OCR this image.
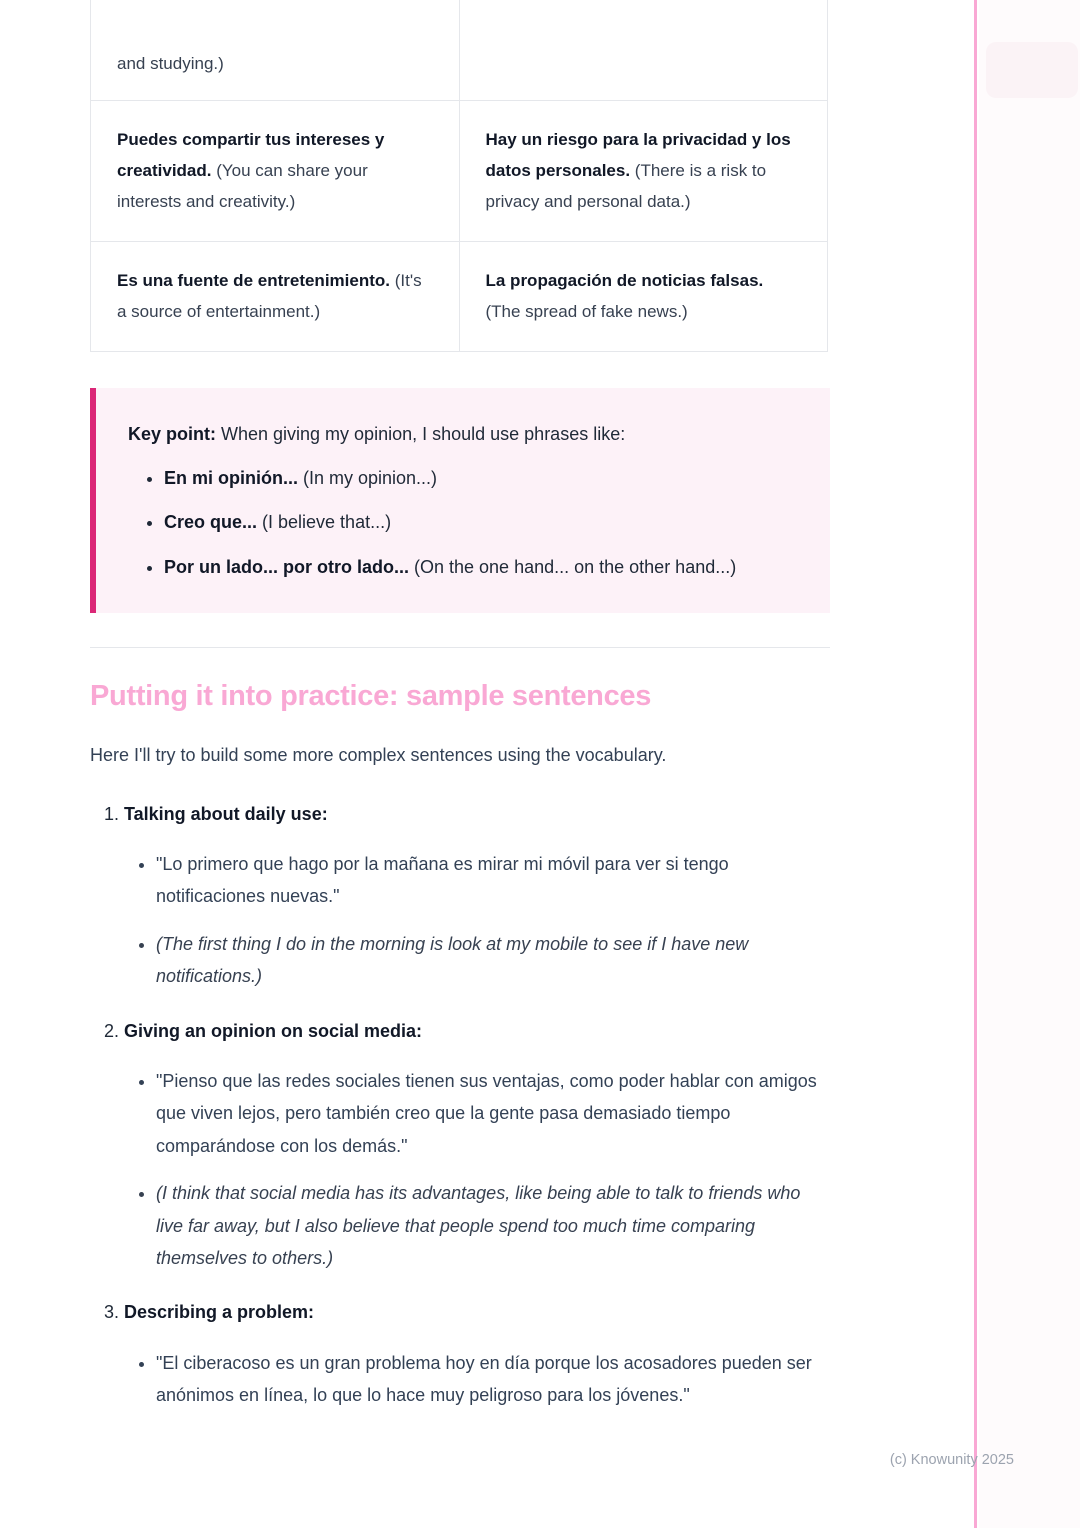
and studying.)	
Puedes compartir tus intereses y creatividad. (You can share your interests and creativity.)	Hay un riesgo para la privacidad y los datos personales. (There is a risk to privacy and personal data.)
Es una fuente de entretenimiento. (It's a source of entertainment.)	La propagación de noticias falsas. (The spread of fake news.)

Key point: When giving my opinion, I should use phrases like:

• En mi opinión... (In my opinion...)
• Creo que... (I believe that...)
• Por un lado... por otro lado... (On the one hand... on the other hand...)
Putting it into practice: sample sentences

Here I'll try to build some more complex sentences using the vocabulary.

1. Talking about daily use:
• "Lo primero que hago por la mañana es mirar mi móvil para ver si tengo notificaciones nuevas."
• (The first thing I do in the morning is look at my mobile to see if I have new notifications.)
2. Giving an opinion on social media:
• "Pienso que las redes sociales tienen sus ventajas, como poder hablar con amigos que viven lejos, pero también creo que la gente pasa demasiado tiempo comparándose con los demás."
• (I think that social media has its advantages, like being able to talk to friends who live far away, but I also believe that people spend too much time comparing themselves to others.)
3. Describing a problem:
• "El ciberacoso es un gran problema hoy en día porque los acosadores pueden ser anónimos en línea, lo que lo hace muy peligroso para los jóvenes."
(c) Knowunity 2025
